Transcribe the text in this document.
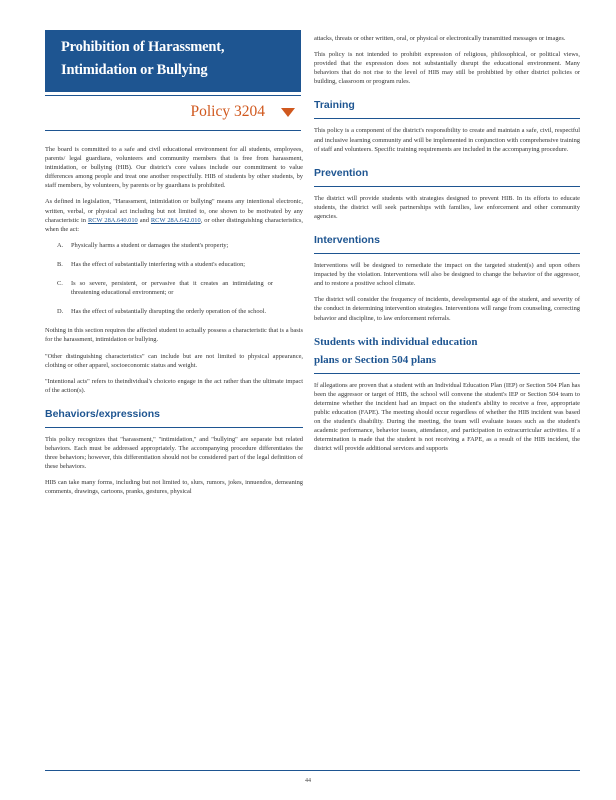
Prohibition of Harassment,
Intimidation or Bullying
Policy 3204

The board is committed to a safe and civil educational environment for all students, employees, parents/ legal guardians, volunteers and community members that is free from harassment, intimidation, or bullying (HIB). Our district's core values include our commitment to value differences among people and treat one another respectfully. HIB of students by other students, by staff members, by volunteers, by parents or by guardians is prohibited.

As defined in legislation, "Harassment, intimidation or bullying" means any intentional electronic, written, verbal, or physical act including but not limited to, one shown to be motivated by any characteristic in RCW 28A.640.010 and RCW 28A.642.010, or other distinguishing characteristics, when the act:

A.	Physically harms a student or damages the student's property;
B.	Has the effect of substantially interfering with a student's education;
C.	Is so severe, persistent, or pervasive that it creates an intimidating or threatening educational environment; or
D.	Has the effect of substantially disrupting the orderly operation of the school.

Nothing in this section requires the affected student to actually possess a characteristic that is a basis for the harassment, intimidation or bullying.

"Other distinguishing characteristics" can include but are not limited to physical appearance, clothing or other apparel, socioeconomic status and weight.

"Intentional acts" refers to theindividual's choiceto engage in the act rather than the ultimate impact of the action(s).

Behaviors/expressions

This policy recognizes that "harassment," "intimidation," and "bullying" are separate but related behaviors. Each must be addressed appropriately. The accompanying procedure differentiates the three behaviors; however, this differentiation should not be considered part of the legal definition of these behaviors.

HIB can take many forms, including but not limited to, slurs, rumors, jokes, innuendos, demeaning comments, drawings, cartoons, pranks, gestures, physical

attacks, threats or other written, oral, or physical or electronically transmitted messages or images.

This policy is not intended to prohibit expression of religious, philosophical, or political views, provided that the expression does not substantially disrupt the educational environment. Many behaviors that do not rise to the level of HIB may still be prohibited by other district policies or building, classroom or program rules.

Training

This policy is a component of the district's responsibility to create and maintain a safe, civil, respectful and inclusive learning community and will be implemented in conjunction with comprehensive training of staff and volunteers. Specific training requirements are included in the accompanying procedure.

Prevention

The district will provide students with strategies designed to prevent HIB. In its efforts to educate students, the district will seek partnerships with families, law enforcement and other community agencies.

Interventions

Interventions will be designed to remediate the impact on the targeted student(s) and upon others impacted by the violation. Interventions will also be designed to change the behavior of the aggressor, and to restore a positive school climate.

The district will consider the frequency of incidents, developmental age of the student, and severity of the conduct in determining intervention strategies. Interventions will range from counseling, correcting behavior and discipline, to law enforcement referrals.

Students with individual education
plans or Section 504 plans

If allegations are proven that a student with an Individual Education Plan (IEP) or Section 504 Plan has been the aggressor or target of HIB, the school will convene the student's IEP or Section 504 team to determine whether the incident had an impact on the student's ability to receive a free, appropriate public education (FAPE). The meeting should occur regardless of whether the HIB incident was based on the student's disability. During the meeting, the team will evaluate issues such as the student's academic performance, behavior issues, attendance, and participation in extracurricular activities. If a determination is made that the student is not receiving a FAPE, as a result of the HIB incident, the district will provide additional services and supports

44
